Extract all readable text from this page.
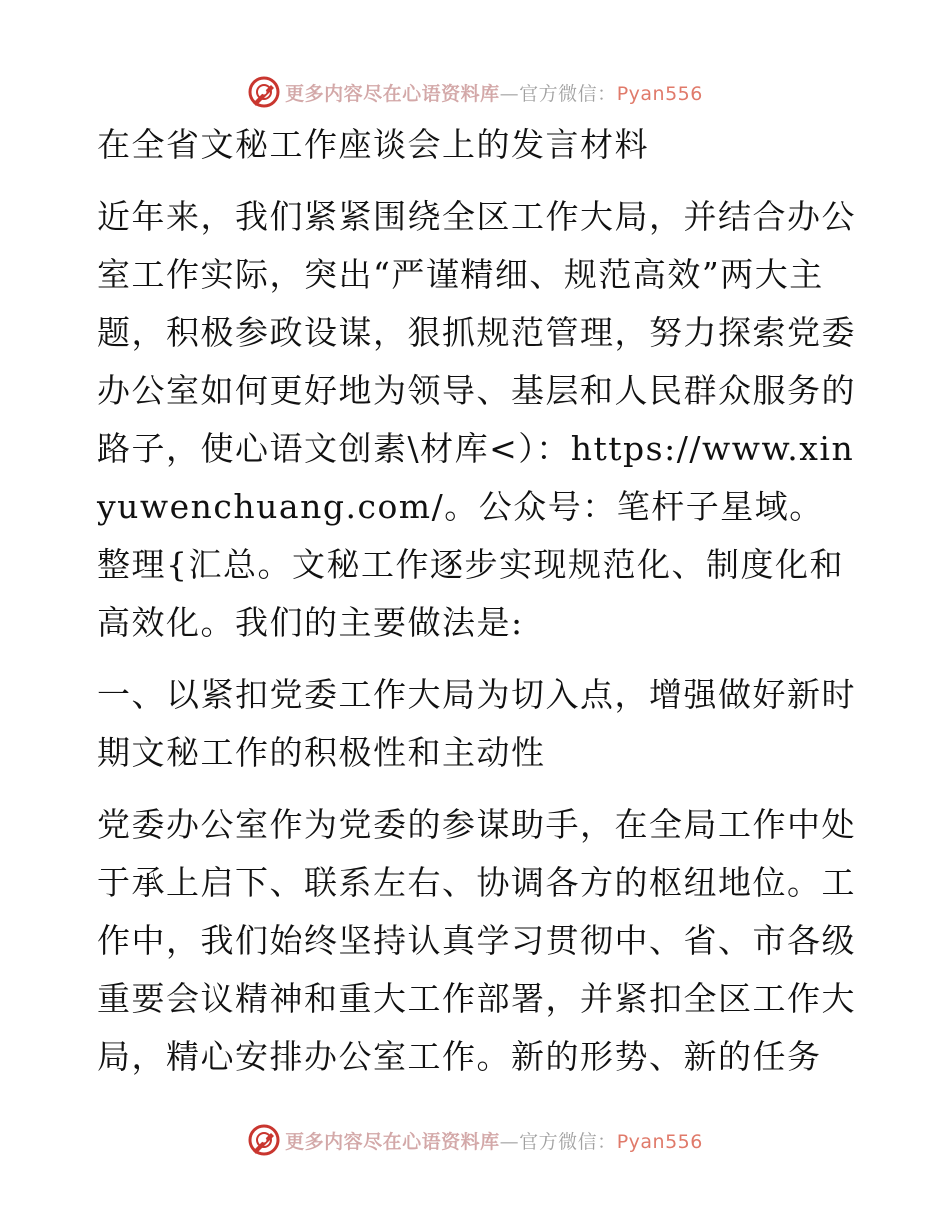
更多内容尽在心语资料库—官方微信：Pyan556

在全省文秘工作座谈会上的发言材料

近年来，我们紧紧围绕全区工作大局，并结合办公室工作实际，突出“严谨精细、规范高效”两大主题，积极参政设谋，狠抓规范管理，努力探索党委办公室如何更好地为领导、基层和人民群众服务的路子，使心语文创素\材库<）：https://www.xinyuwenchuang.com/。公众号：笔杆子星域。整理{汇总。文秘工作逐步实现规范化、制度化和高效化。我们的主要做法是:

一、以紧扣党委工作大局为切入点，增强做好新时期文秘工作的积极性和主动性

党委办公室作为党委的参谋助手，在全局工作中处于承上启下、联系左右、协调各方的枢纽地位。工作中，我们始终坚持认真学习贯彻中、省、市各级重要会议精神和重大工作部署，并紧扣全区工作大局，精心安排办公室工作。新的形势、新的任务

更多内容尽在心语资料库—官方微信：Pyan556
